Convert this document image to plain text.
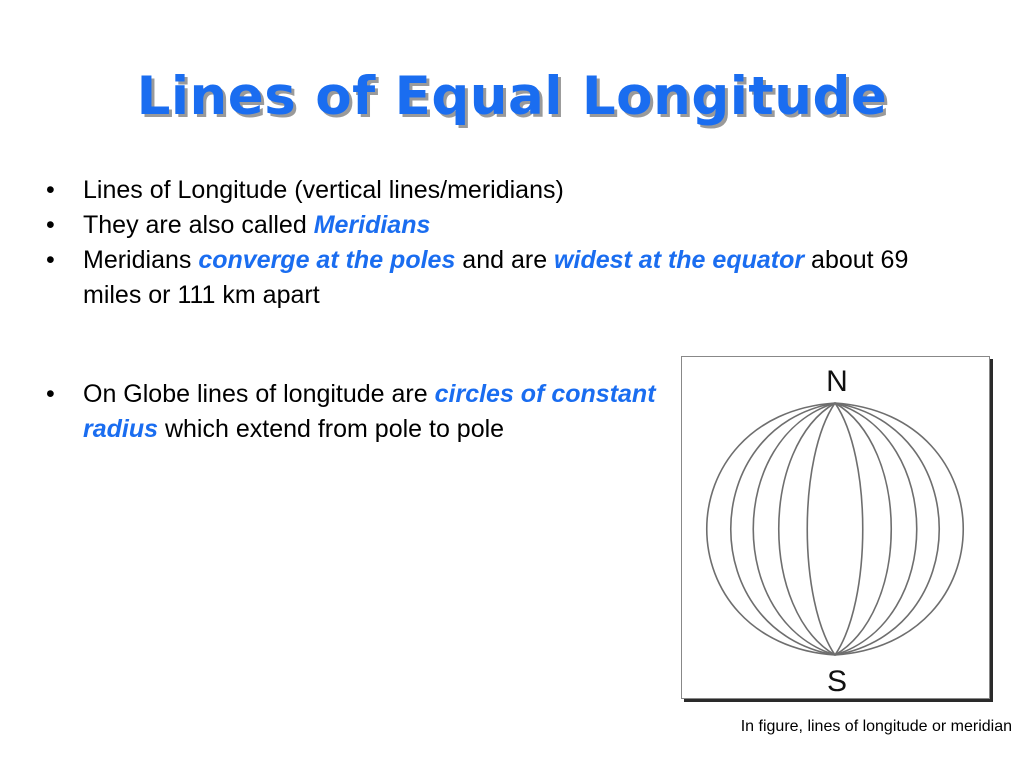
Lines of Equal Longitude
• Lines of Longitude (vertical lines/meridians)
• They are also called Meridians
• Meridians converge at the poles and are widest at the equator about 69 miles or 111 km apart
• On Globe lines of longitude are circles of constant radius which extend from pole to pole
N
S
In figure, lines of longitude or meridian
